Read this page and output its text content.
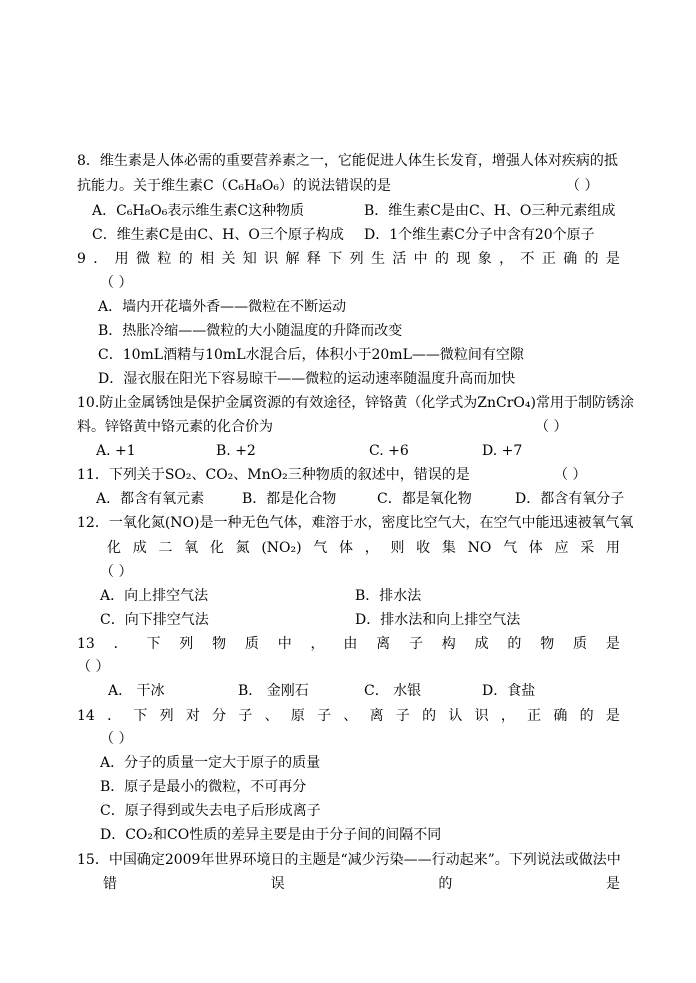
8．维生素是人体必需的重要营养素之一，它能促进人体生长发育，增强人体对疾病的抵
抗能力。关于维生素C（C₆H₈O₆）的说法错误的是	（ ）
A．C₆H₈O₆表示维生素C这种物质	B．维生素C是由C、H、O三种元素组成
C．维生素C是由C、H、O三个原子构成 D．1个维生素C分子中含有20个原子
9 ． 用 微 粒 的 相 关 知 识 解 释 下 列 生 活 中 的 现 象 ， 不 正 确 的 是
（ ）
A．墙内开花墙外香——微粒在不断运动
B．热胀冷缩——微粒的大小随温度的升降而改变
C．10mL酒精与10mL水混合后，体积小于20mL——微粒间有空隙
D．湿衣服在阳光下容易晾干——微粒的运动速率随温度升高而加快
10.防止金属锈蚀是保护金属资源的有效途径，锌铬黄（化学式为ZnCrO₄)常用于制防锈涂
料。锌铬黄中铬元素的化合价为	（ ）
A. +1	B. +2	C. +6	D. +7
11．下列关于SO₂、CO₂、MnO₂三种物质的叙述中，错误的是	（ ）
A．都含有氧元素	B．都是化合物	C．都是氧化物	D．都含有氧分子
12．一氧化氮(NO)是一种无色气体，难溶于水，密度比空气大，在空气中能迅速被氧气氧
化 成 二 氧 化 氮 (NO₂) 气 体 ， 则 收 集 NO 气 体 应 采 用
（ ）
A．向上排空气法	B．排水法
C．向下排空气法	D．排水法和向上排空气法
13 ． 下 列 物 质 中 ， 由 离 子 构 成 的 物 质 是
（ ）
A． 干冰	B． 金刚石	C． 水银	D．食盐
14 ． 下 列 对 分 子 、 原 子 、 离 子 的 认 识 ， 正 确 的 是
（ ）
A．分子的质量一定大于原子的质量
B．原子是最小的微粒，不可再分
C．原子得到或失去电子后形成离子
D．CO₂和CO性质的差异主要是由于分子间的间隔不同
15．中国确定2009年世界环境日的主题是“减少污染——行动起来”。下列说法或做法中
错	误	的	是
